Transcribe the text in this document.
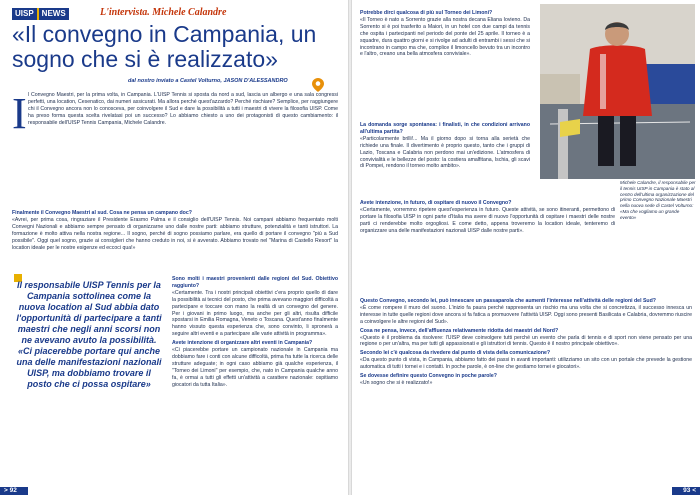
UISP	NEWS	L'intervista. Michele Calandre
«Il convegno in Campania, un sogno che si è realizzato»
dal nostro inviato a Castel Volturno, JASON D'ALESSANDRO
I l Convegno Maestri, per la prima volta, in Campania. L'UISP Tennis si sposta da nord a sud, lascia un albergo e una sala congressi perfetti, una location, Cesenatico, dai numeri assicurati. Ma allora perché quest'azzardo? Perché rischiare? Semplice, per raggiungere chi il Convegno ancora non lo conosceva, per coinvolgere il Sud e dare la possibilità a tutti i maestri di vivere la filosofia UISP. Come ha preso forma questa scelta rivelatasi poi un successo? Lo abbiamo chiesto a uno dei protagonisti di questo cambiamento: il responsabile dell'UISP Tennis Campania, Michele Calandre.

Finalmente il Convegno Maestri al sud. Cosa ne pensa un campano doc?

«Avrei, per prima cosa, ringraziare il Presidente Erasmo Palma e il consiglio dell'UISP Tennis. Noi campani abbiamo frequentato molti Convegni Nazionali e abbiamo sempre pensato di organizzarne uno dalle nostre parti: abbiamo strutture, potenzialità e tanti istruttori. La formazione è molto attiva nella nostra regione... Il sogno, perché di sogno possiamo parlare, era quello di portare il convegno "più a Sud possibile". Oggi quel sogno, grazie ai consiglieri che hanno creduto in noi, si è avverato. Abbiamo trovato nel "Marina di Castello Resort" la location ideale per le nostre esigenze ed eccoci qua!»

Il responsabile UISP Tennis per la Campania sottolinea come la nuova location al Sud abbia dato l'opportunità di partecipare a tanti maestri che negli anni scorsi non ne avevano avuto la possibilità. «Ci piacerebbe portare qui anche una delle manifestazioni nazionali UISP, ma dobbiamo trovare il posto che ci possa ospitare»

Sono molti i maestri provenienti dalle regioni del Sud. Obiettivo raggiunto?

«Certamente. Tra i nostri principali obiettivi c'era proprio quello di dare la possibilità ai tecnici del posto, che prima avevano maggiori difficoltà a partecipare e toccare con mano la realtà di un convegno del genere. Per i giovani in primo luogo, ma anche per gli altri, risulta difficile spostarsi in Emilia Romagna, Veneto o Toscana. Quest'anno finalmente hanno vissuto questa esperienza che, sono convinto, li spronerà a seguire altri eventi e a partecipare alle varie attività in programma».

Avete intenzione di organizzare altri eventi in Campania?

«Ci piacerebbe portare un campionato nazionale in Campania ma dobbiamo fare i conti con alcune difficoltà, prima fra tutte la ricerca delle strutture adeguate; in ogni caso abbiamo già qualche esperienza, il "Torneo dei Limoni" per esempio, che, nato in Campania qualche anno fa, è ormai a tutti gli effetti un'attività a carattere nazionale: ospitiamo giocatori da tutta Italia».

> 92

Potrebbe dirci qualcosa di più sul Torneo dei Limoni?

«Il Torneo è nato a Sorrento grazie alla nostra decana Eliana Iovieno. Da Sorrento si è poi trasferito a Maiori, in un hotel con due campi da tennis che ospita i partecipanti nel periodo del ponte del 25 aprile. Il torneo è a squadre, dura quattro giorni e si rivolge ad adulti di entrambi i sessi che si incontrano in campo ma che, complice il limoncello bevuto tra un incontro e l'altro, creano una bella atmosfera conviviale».

Michele Calandre, il responsabile per il tennis UISP in Campania è stato al centro dell'ultima organizzazione del primo Convegno Nazionale Maestri nella nuova sede di Castel Volturno: «Ma che vogliamo un grande evento»

La domanda sorge spontanea: i finalisti, in che condizioni arrivano all'ultima partita?

«Particolarmente brilli!... Ma il giorno dopo si torna alla serietà che richiede una finale. Il divertimento è proprio questo, tanto che i gruppi di Lazio, Toscana e Calabria non perdono mai un'edizione. L'atmosfera di convivialità e le bellezze del posto: la costiera amalfitana, Ischia, gli scavi di Pompei, rendono il torneo molto ambito».

Avete intenzione, in futuro, di ospitare di nuovo il Convegno?

«Certamente, vorremmo ripetere quest'esperienza in futuro. Queste attività, se sono itineranti, permettono di portare la filosofia UISP in ogni parte d'Italia ma avere di nuovo l'opportunità di ospitare i maestri delle nostre parti ci renderebbe molto orgogliosi. E come detto, appena troveremo la location ideale, tenteremo di organizzare una delle manifestazioni nazionali UISP dalle nostre parti».

Questo Convegno, secondo lei, può innescare un passaparola che aumenti l'interesse nell'attività delle regioni del Sud?

«È come rompere il muro del suono. L'inizio fa paura perché rappresenta un rischio ma una volta che si concretizza, il successo innesca un interesse in tutte quelle regioni dove ancora si fa fatica a promuovere l'attività UISP. Oggi sono presenti Basilicata e Calabria, dovremmo riuscire a coinvolgere le altre regioni del Sud».

Cosa ne pensa, invece, dell'affluenza relativamente ridotta dei maestri del Nord?

«Questo è il problema da risolvere: l'UISP deve coinvolgere tutti perché un evento che parla di tennis e di sport non viene pensato per una regione o per un'altra, ma per tutti gli appassionati e gli istruttori di tennis. Questo è il nostro principale obiettivo».

Secondo lei c'è qualcosa da rivedere dal punto di vista della comunicazione?

«Da questo punto di vista, in Campania, abbiamo fatto dei passi in avanti importanti: utilizziamo un sito con un portale che prevede la gestione automatica di tutti i tornei e i contatti. In poche parole, è on-line che gestiamo tornei e giocatori».

Se dovesse definire questo Convegno in poche parole?

«Un sogno che si è realizzato!»

93 <
